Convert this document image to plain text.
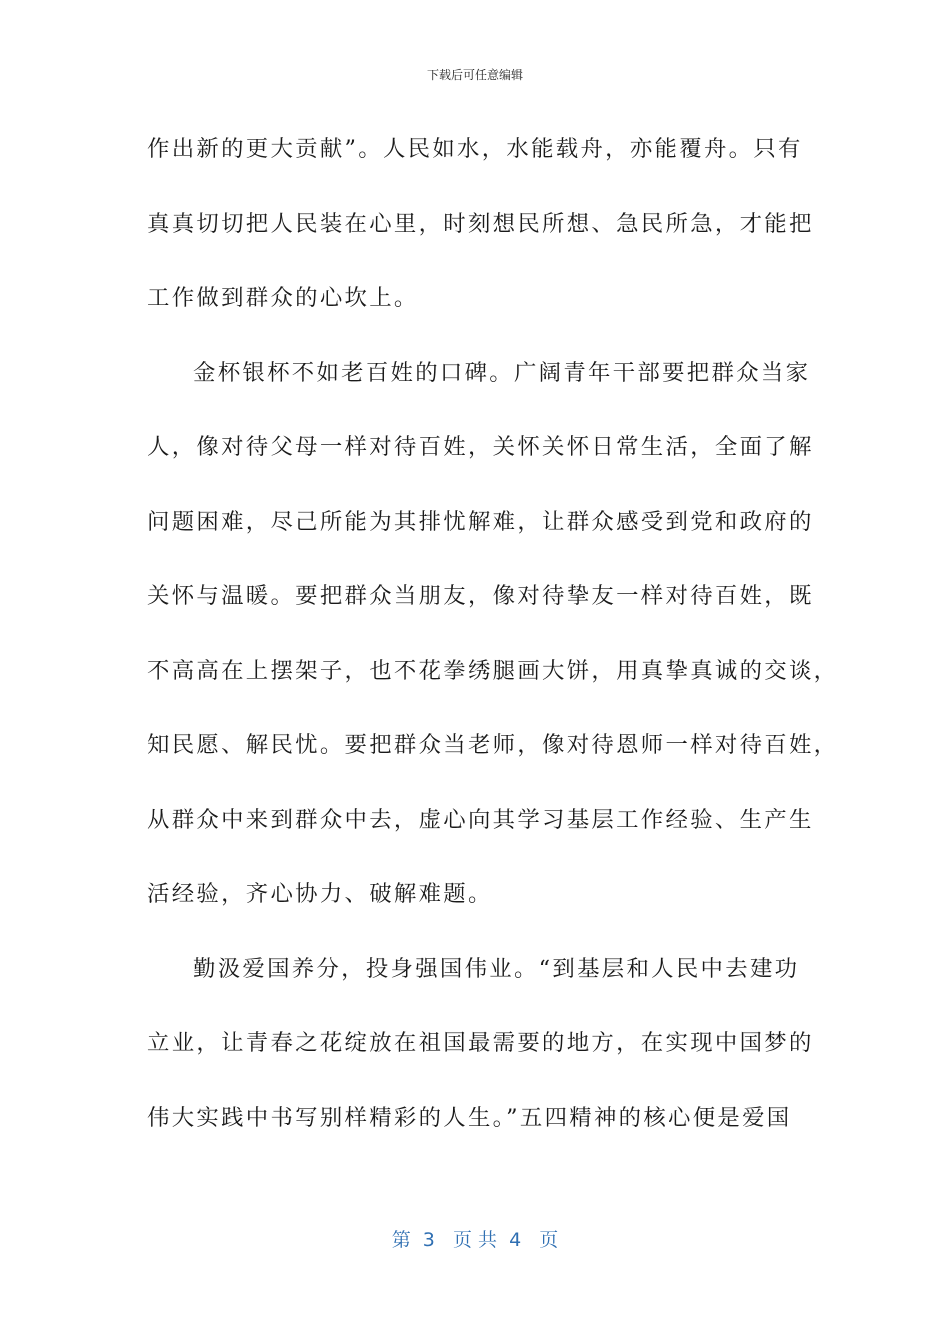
下载后可任意编辑
作出新的更大贡献”。人民如水，水能载舟，亦能覆舟。只有
真真切切把人民装在心里，时刻想民所想、急民所急，才能把
工作做到群众的心坎上。
金杯银杯不如老百姓的口碑。广阔青年干部要把群众当家
人，像对待父母一样对待百姓，关怀关怀日常生活，全面了解
问题困难，尽己所能为其排忧解难，让群众感受到党和政府的
关怀与温暖。要把群众当朋友，像对待挚友一样对待百姓，既
不高高在上摆架子，也不花拳绣腿画大饼，用真挚真诚的交谈，
知民愿、解民忧。要把群众当老师，像对待恩师一样对待百姓，
从群众中来到群众中去，虚心向其学习基层工作经验、生产生
活经验，齐心协力、破解难题。
勤汲爱国养分，投身强国伟业。“到基层和人民中去建功
立业，让青春之花绽放在祖国最需要的地方，在实现中国梦的
伟大实践中书写别样精彩的人生。”五四精神的核心便是爱国
第  3   页 共  4   页
